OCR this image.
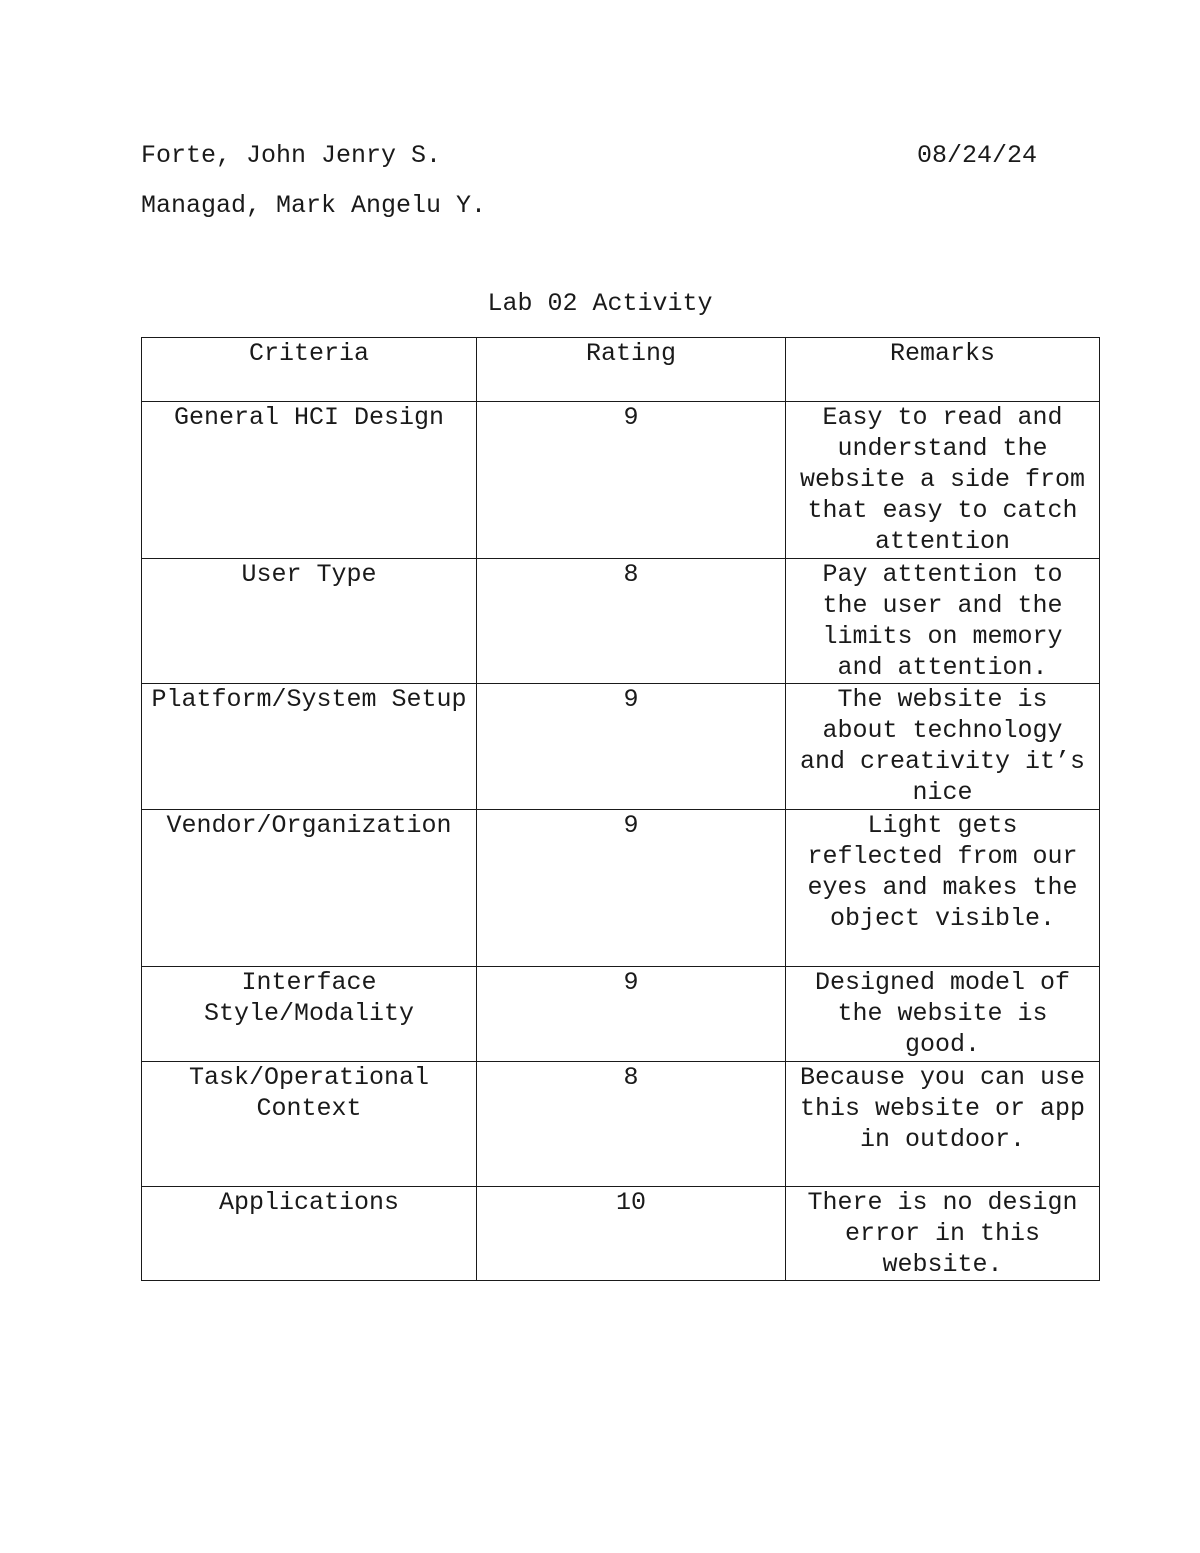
Forte, John Jenry S.	08/24/24
Managad, Mark Angelu Y.
Lab 02 Activity
Criteria	Rating	Remarks
General HCI Design	9	Easy to read and understand the website a side from that easy to catch attention
User Type	8	Pay attention to the user and the limits on memory and attention.
Platform/System Setup	9	The website is about technology and creativity it’s nice
Vendor/Organization	9	Light gets reflected from our eyes and makes the object visible.
Interface Style/Modality	9	Designed model of the website is good.
Task/Operational Context	8	Because you can use this website or app in outdoor.
Applications	10	There is no design error in this website.
